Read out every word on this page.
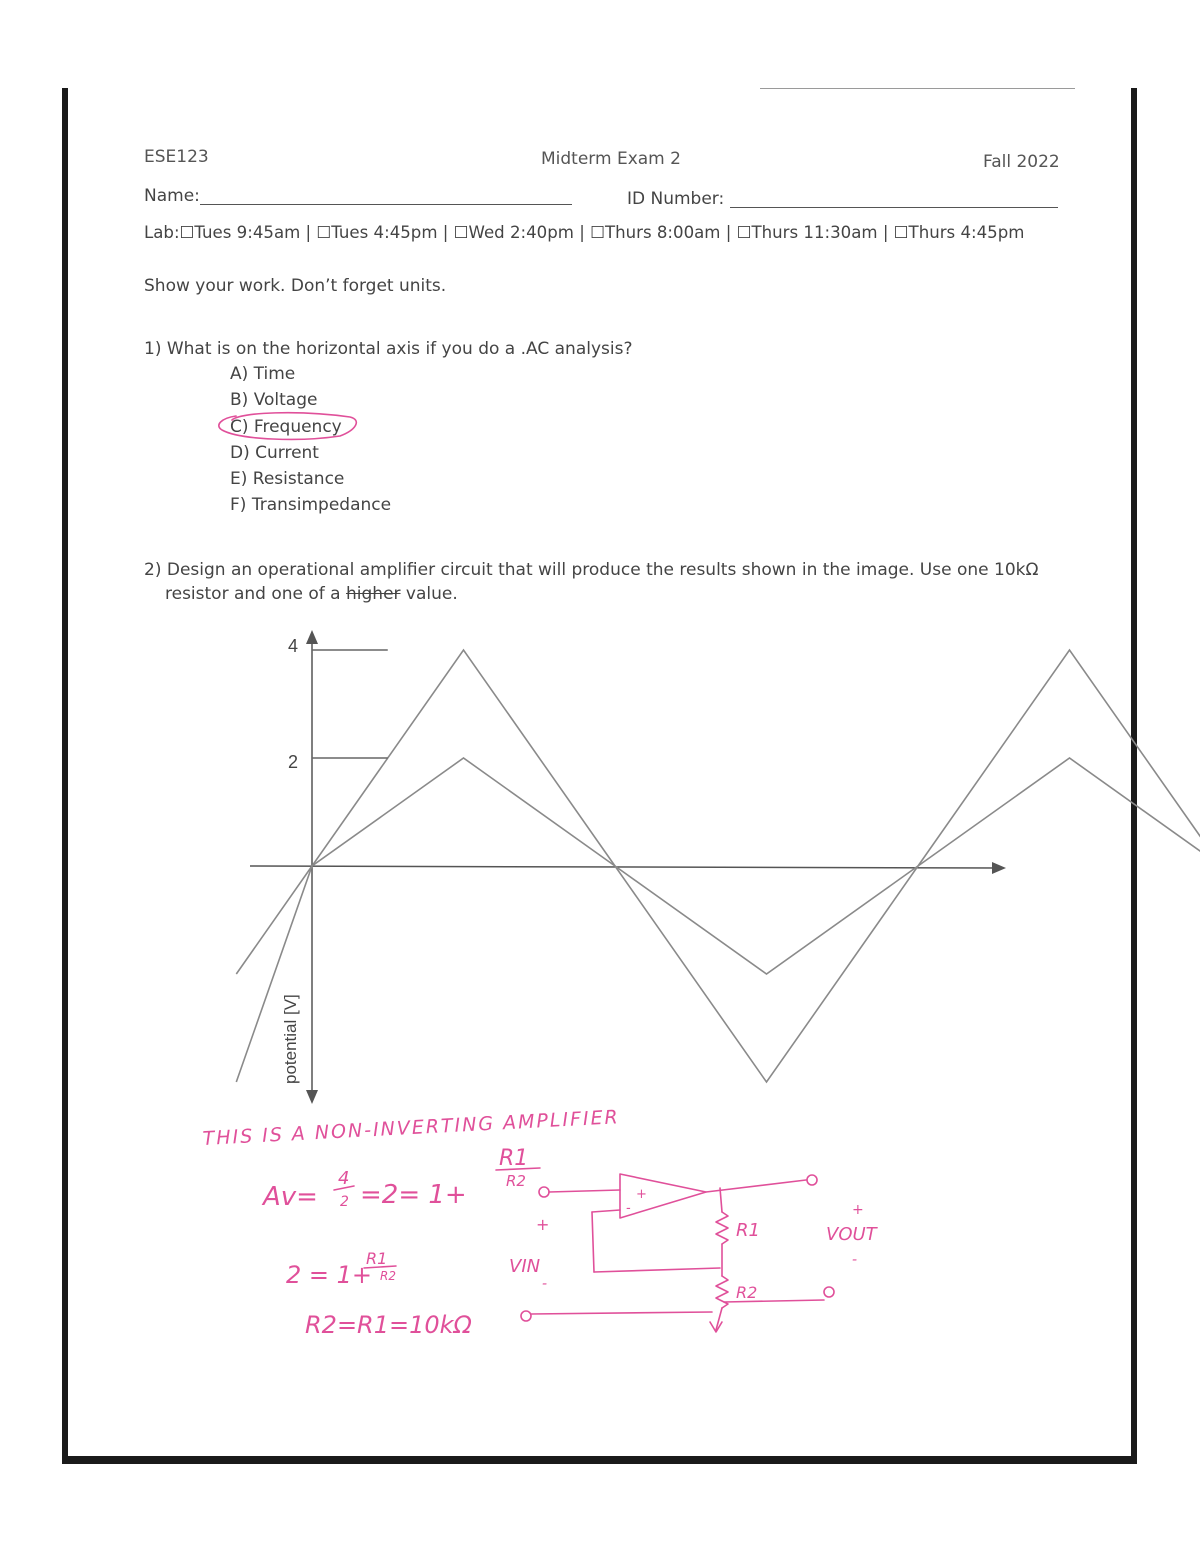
ESE123	Midterm Exam 2	Fall 2022
Name:	ID Number:
Lab:☐Tues 9:45am | ☐Tues 4:45pm | ☐Wed 2:40pm | ☐Thurs 8:00am | ☐Thurs 11:30am | ☐Thurs 4:45pm
Show your work. Don’t forget units.
1) What is on the horizontal axis if you do a .AC analysis?
A) Time
B) Voltage
C) Frequency
D) Current
E) Resistance
F) Transimpedance
2) Design an operational amplifier circuit that will produce the results shown in the image. Use one 10kΩ
resistor and one of a higher value.
4
2
potential [V]
THIS IS A NON-INVERTING AMPLIFIER
Av=
4
2 =2= 1+
R1
R2
2 = 1+
R1
R2
R2=R1=10kΩ
+
-
+
VIN
-
R1
R2
+
VOUT
-
